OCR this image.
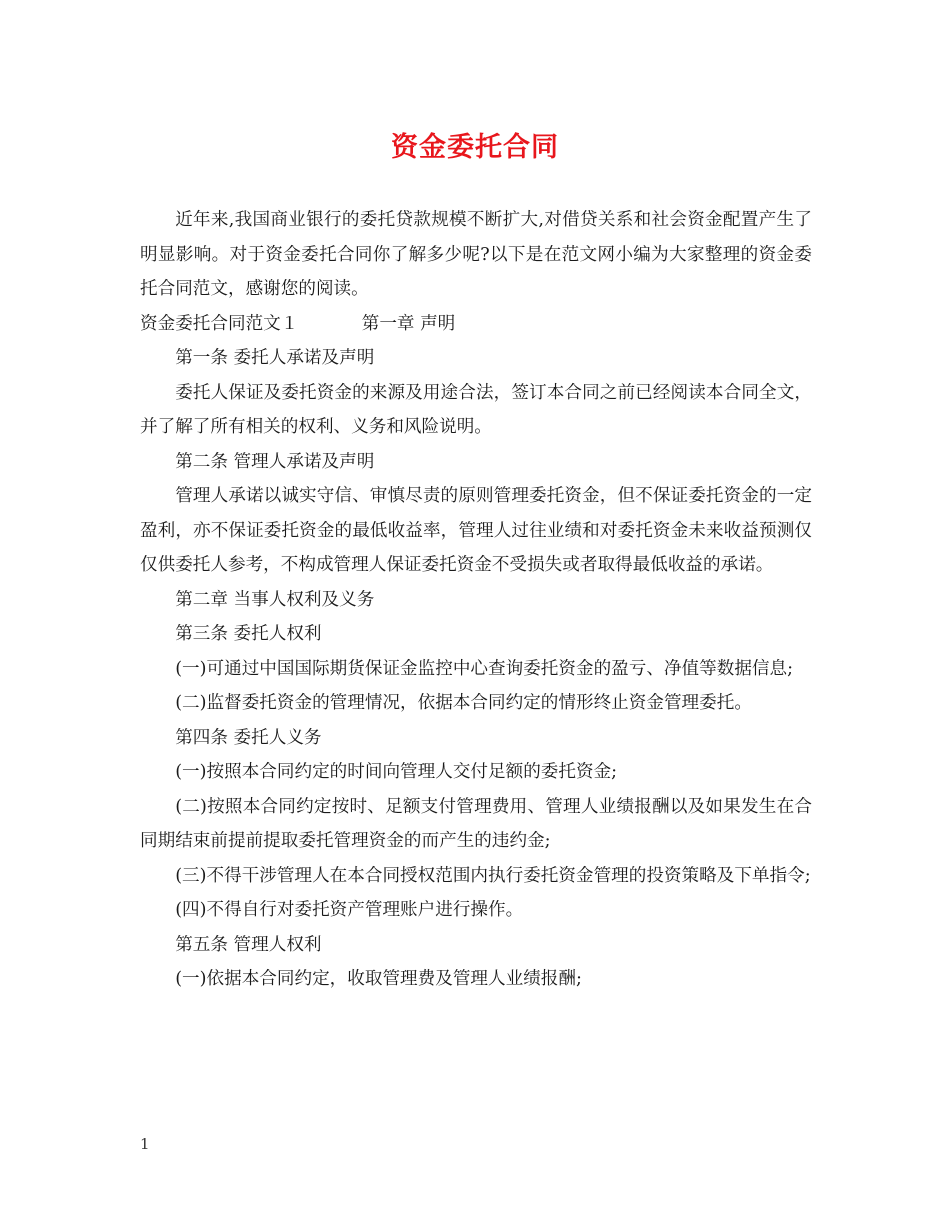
资金委托合同

近年来,我国商业银行的委托贷款规模不断扩大,对借贷关系和社会资金配置产生了明显影响。对于资金委托合同你了解多少呢?以下是在范文网小编为大家整理的资金委托合同范文，感谢您的阅读。

资金委托合同范文１	第一章 声明

第一条 委托人承诺及声明

委托人保证及委托资金的来源及用途合法，签订本合同之前已经阅读本合同全文，并了解了所有相关的权利、义务和风险说明。

第二条 管理人承诺及声明

管理人承诺以诚实守信、审慎尽责的原则管理委托资金，但不保证委托资金的一定盈利，亦不保证委托资金的最低收益率，管理人过往业绩和对委托资金未来收益预测仅仅供委托人参考，不构成管理人保证委托资金不受损失或者取得最低收益的承诺。

第二章 当事人权利及义务

第三条 委托人权利

(一)可通过中国国际期货保证金监控中心查询委托资金的盈亏、净值等数据信息;

(二)监督委托资金的管理情况，依据本合同约定的情形终止资金管理委托。

第四条 委托人义务

(一)按照本合同约定的时间向管理人交付足额的委托资金;

(二)按照本合同约定按时、足额支付管理费用、管理人业绩报酬以及如果发生在合同期结束前提前提取委托管理资金的而产生的违约金;

(三)不得干涉管理人在本合同授权范围内执行委托资金管理的投资策略及下单指令;

(四)不得自行对委托资产管理账户进行操作。

第五条 管理人权利

(一)依据本合同约定，收取管理费及管理人业绩报酬;

1
